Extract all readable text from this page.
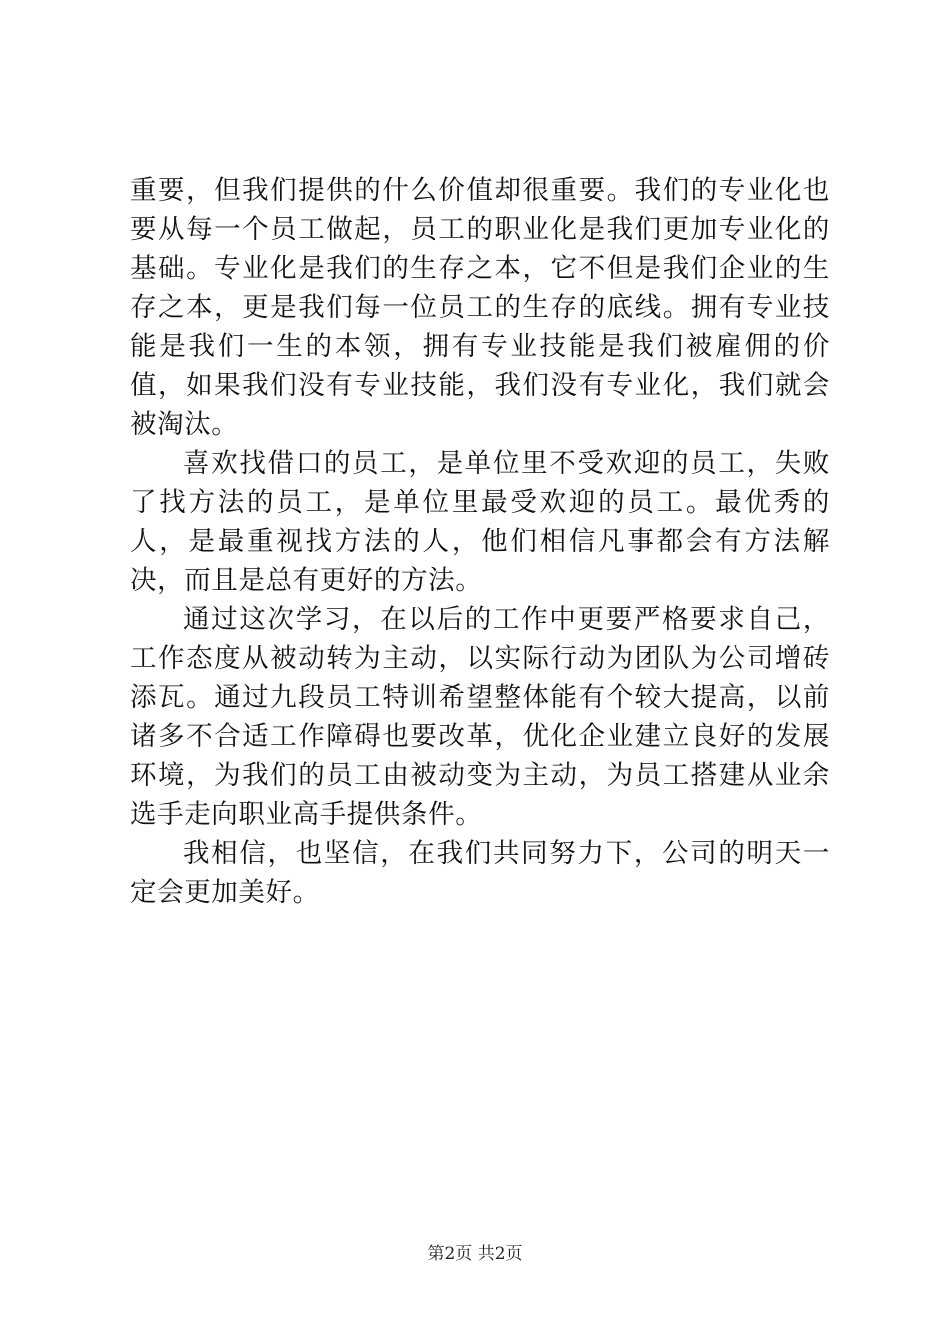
重要，但我们提供的什么价值却很重要。我们的专业化也要从每一个员工做起，员工的职业化是我们更加专业化的基础。专业化是我们的生存之本，它不但是我们企业的生存之本，更是我们每一位员工的生存的底线。拥有专业技能是我们一生的本领，拥有专业技能是我们被雇佣的价值，如果我们没有专业技能，我们没有专业化，我们就会被淘汰。

喜欢找借口的员工，是单位里不受欢迎的员工，失败了找方法的员工，是单位里最受欢迎的员工。最优秀的人，是最重视找方法的人，他们相信凡事都会有方法解决，而且是总有更好的方法。

通过这次学习，在以后的工作中更要严格要求自己，工作态度从被动转为主动，以实际行动为团队为公司增砖添瓦。通过九段员工特训希望整体能有个较大提高，以前诸多不合适工作障碍也要改革，优化企业建立良好的发展环境，为我们的员工由被动变为主动，为员工搭建从业余选手走向职业高手提供条件。

我相信，也坚信，在我们共同努力下，公司的明天一定会更加美好。

第2页 共2页
